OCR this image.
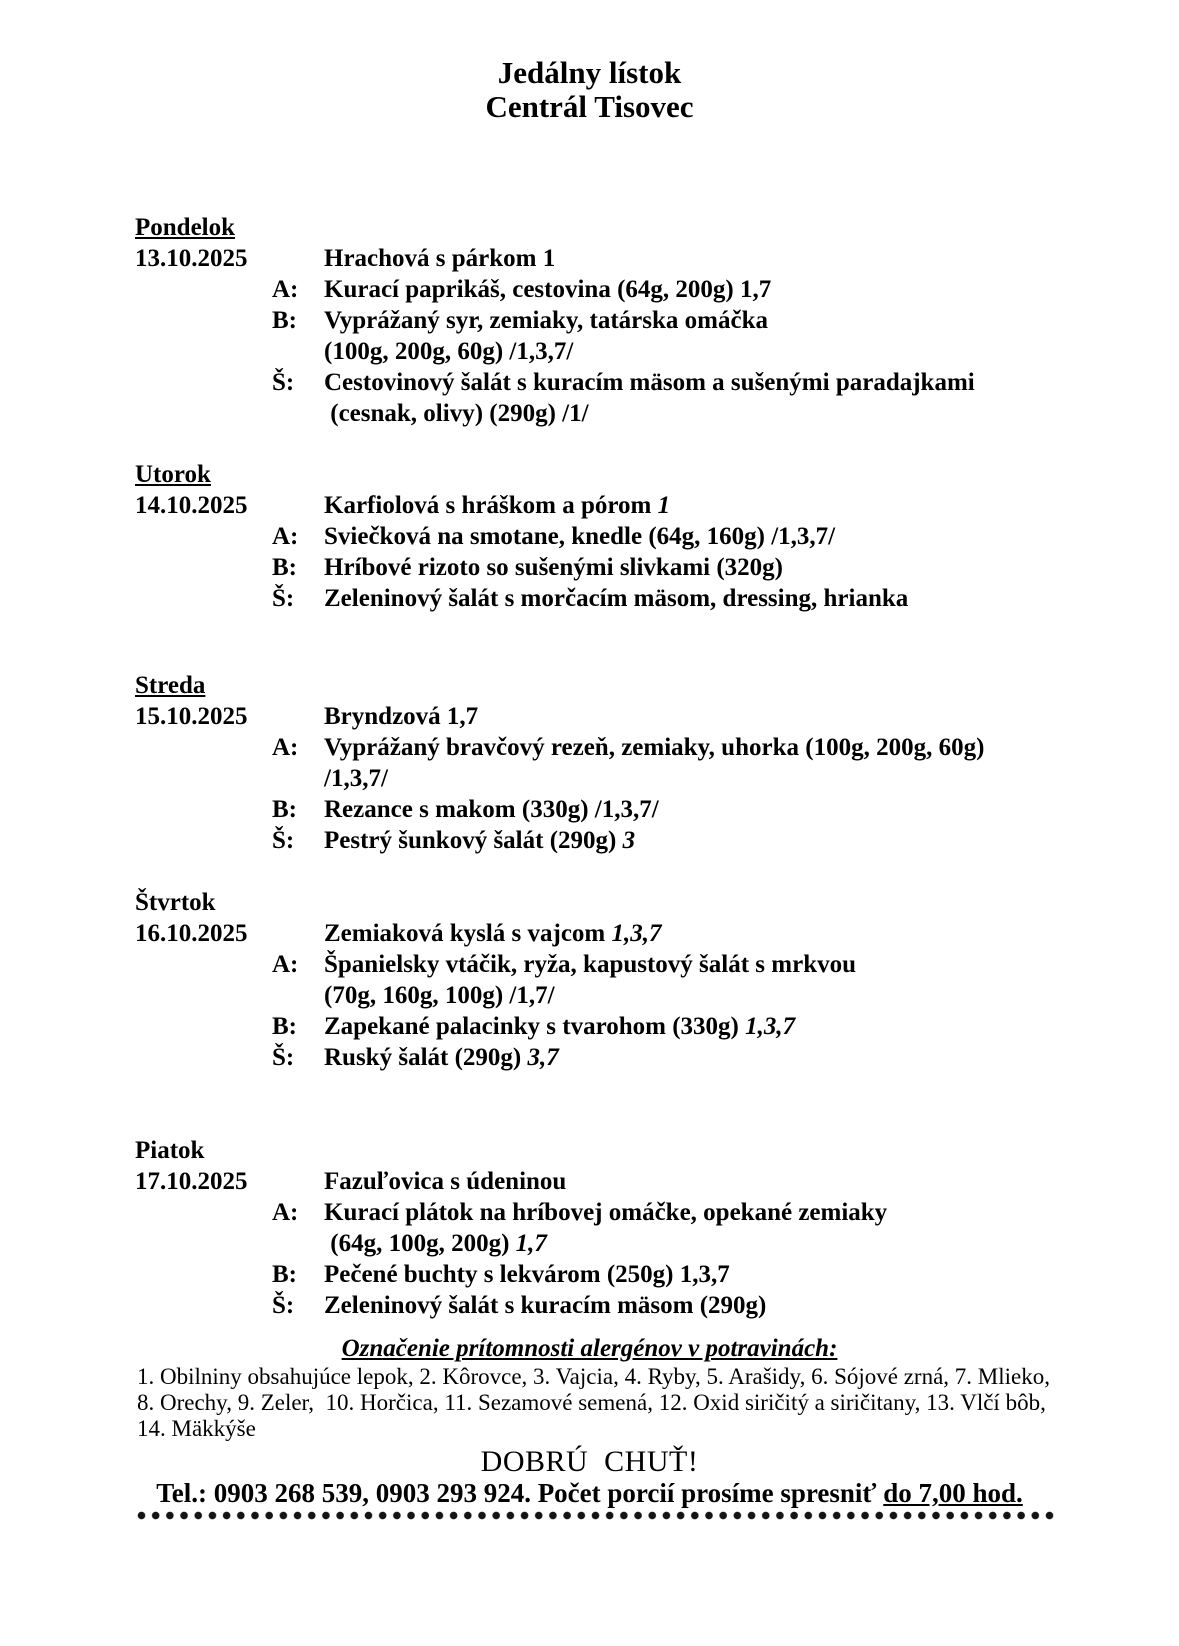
Jedálny lístok
Centrál Tisovec
Pondelok
13.10.2025	Hrachová s párkom 1
A:	Kurací paprikáš, cestovina (64g, 200g) 1,7
B:	Vyprážaný syr, zemiaky, tatárska omáčka
(100g, 200g, 60g) /1,3,7/
Š:	Cestovinový šalát s kuracím mäsom a sušenými paradajkami
(cesnak, olivy) (290g) /1/
Utorok
14.10.2025	Karfiolová s hráškom a pórom 1
A:	Sviečková na smotane, knedle (64g, 160g) /1,3,7/
B:	Hríbové rizoto so sušenými slivkami (320g)
Š:	Zeleninový šalát s morčacím mäsom, dressing, hrianka
Streda
15.10.2025	Bryndzová 1,7
A:	Vyprážaný bravčový rezeň, zemiaky, uhorka (100g, 200g, 60g)
/1,3,7/
B:	Rezance s makom (330g) /1,3,7/
Š:	Pestrý šunkový šalát (290g) 3
Štvrtok
16.10.2025	Zemiaková kyslá s vajcom 1,3,7
A:	Španielsky vtáčik, ryža, kapustový šalát s mrkvou
(70g, 160g, 100g) /1,7/
B:	Zapekané palacinky s tvarohom (330g) 1,3,7
Š:	Ruský šalát (290g) 3,7
Piatok
17.10.2025	Fazuľovica s údeninou
A:	Kurací plátok na hríbovej omáčke, opekané zemiaky
(64g, 100g, 200g) 1,7
B:	Pečené buchty s lekvárom (250g) 1,3,7
Š:	Zeleninový šalát s kuracím mäsom (290g)
Označenie prítomnosti alergénov v potravinách:
1. Obilniny obsahujúce lepok, 2. Kôrovce, 3. Vajcia, 4. Ryby, 5. Arašidy, 6. Sójové zrná, 7. Mlieko,
8. Orechy, 9. Zeler,  10. Horčica, 11. Sezamové semená, 12. Oxid siričitý a siričitany, 13. Vlčí bôb,
14. Mäkkýše
DOBRÚ  CHUŤ!
Tel.: 0903 268 539, 0903 293 924. Počet porcií prosíme spresniť do 7,00 hod.
